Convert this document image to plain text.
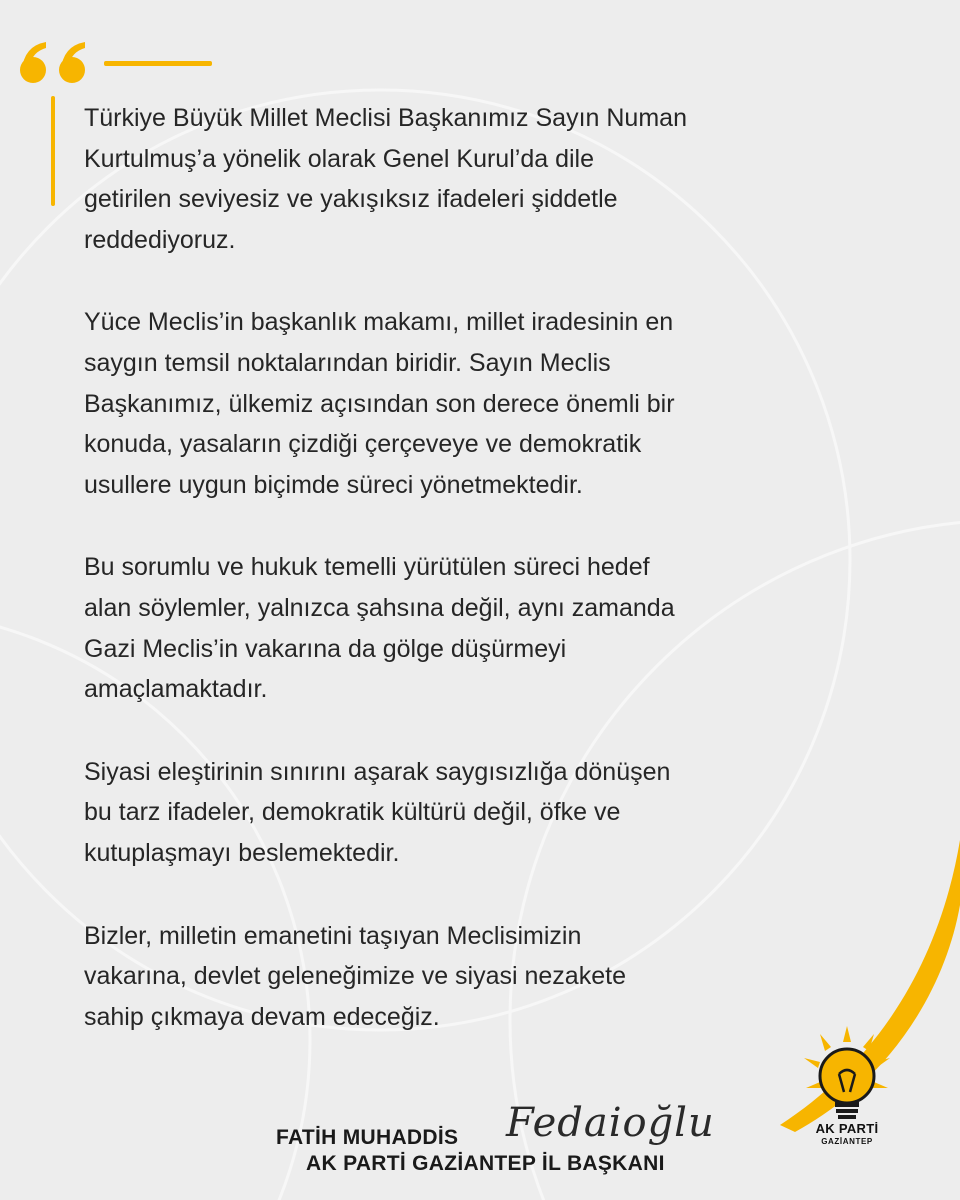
Türkiye Büyük Millet Meclisi Başkanımız Sayın Numan
Kurtulmuş’a yönelik olarak Genel Kurul’da dile
getirilen seviyesiz ve yakışıksız ifadeleri şiddetle
reddediyoruz.

Yüce Meclis’in başkanlık makamı, millet iradesinin en
saygın temsil noktalarından biridir. Sayın Meclis
Başkanımız, ülkemiz açısından son derece önemli bir
konuda, yasaların çizdiği çerçeveye ve demokratik
usullere uygun biçimde süreci yönetmektedir.

Bu sorumlu ve hukuk temelli yürütülen süreci hedef
alan söylemler, yalnızca şahsına değil, aynı zamanda
Gazi Meclis’in vakarına da gölge düşürmeyi
amaçlamaktadır.

Siyasi eleştirinin sınırını aşarak saygısızlığa dönüşen
bu tarz ifadeler, demokratik kültürü değil, öfke ve
kutuplaşmayı beslemektedir.

Bizler, milletin emanetini taşıyan Meclisimizin
vakarına, devlet geleneğimize ve siyasi nezakete
sahip çıkmaya devam edeceğiz.

Fedaioğlu
FATİH MUHADDİS
AK PARTİ GAZİANTEP İL BAŞKANI
AK PARTİ
GAZİANTEP
